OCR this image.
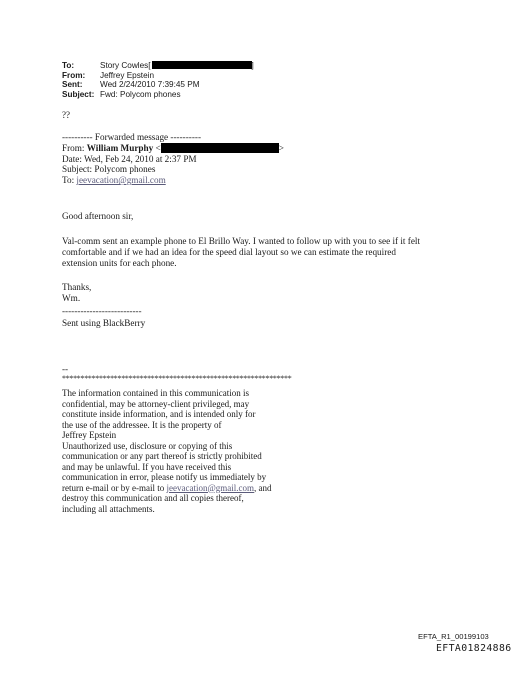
To:	Story Cowles[	]
From:	Jeffrey Epstein
Sent:	Wed 2/24/2010 7:39:45 PM
Subject: Fwd: Polycom phones
??
---------- Forwarded message ----------
From: William Murphy <	>
Date: Wed, Feb 24, 2010 at 2:37 PM
Subject: Polycom phones
To: jeevacation@gmail.com
Good afternoon sir,
Val-comm sent an example phone to El Brillo Way. I wanted to follow up with you to see if it felt
comfortable and if we had an idea for the speed dial layout so we can estimate the required
extension units for each phone.
Thanks,
Wm.
--------------------------
Sent using BlackBerry
--
**************************************************************
The information contained in this communication is
confidential, may be attorney-client privileged, may
constitute inside information, and is intended only for
the use of the addressee. It is the property of
Jeffrey Epstein
Unauthorized use, disclosure or copying of this
communication or any part thereof is strictly prohibited
and may be unlawful. If you have received this
communication in error, please notify us immediately by
return e-mail or by e-mail to jeevacation@gmail.com, and
destroy this communication and all copies thereof,
including all attachments.
EFTA_R1_00199103
EFTA01824886
